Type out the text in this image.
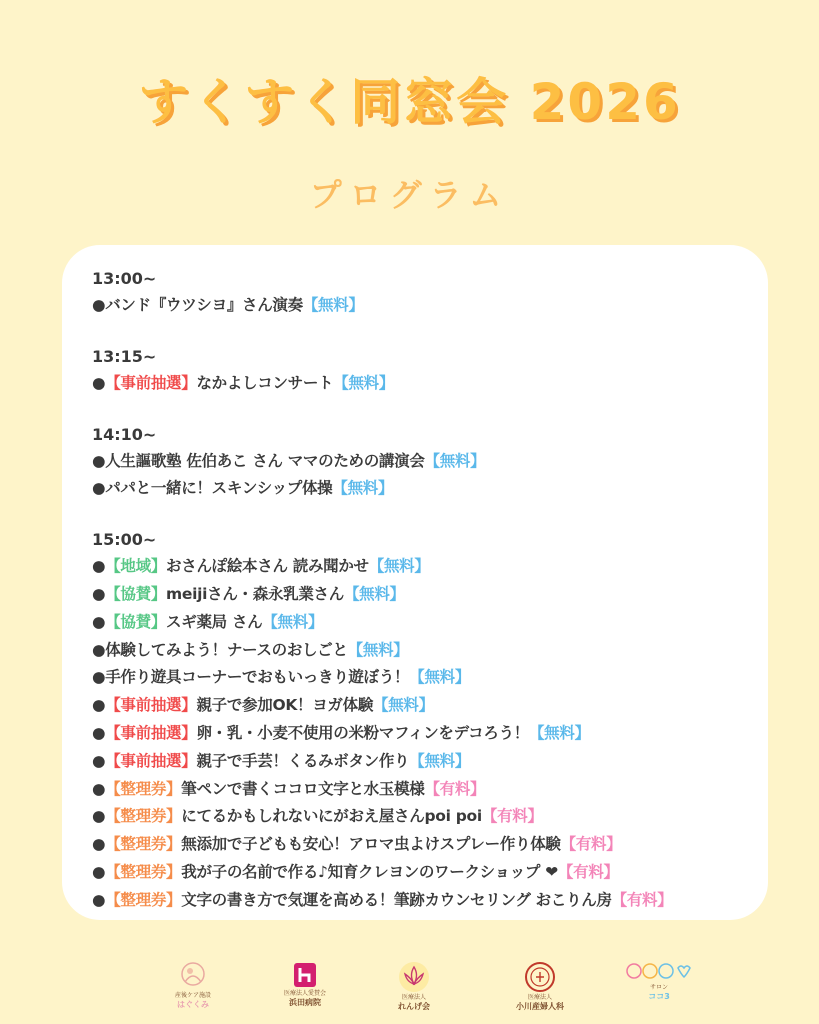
すくすく同窓会 2026
プログラム
13:00~
●バンド『ウツシヨ』さん演奏【無料】
13:15~
●【事前抽選】なかよしコンサート【無料】
14:10~
●人生謳歌塾 佐伯あこ さん ママのための講演会【無料】
●パパと一緒に！スキンシップ体操【無料】
15:00~
●【地域】おさんぽ絵本さん 読み聞かせ【無料】
●【協賛】meijiさん・森永乳業さん【無料】
●【協賛】スギ薬局 さん【無料】
●体験してみよう！ナースのおしごと【無料】
●手作り遊具コーナーでおもいっきり遊ぼう！【無料】
●【事前抽選】親子で参加OK！ヨガ体験【無料】
●【事前抽選】卵・乳・小麦不使用の米粉マフィンをデコろう！【無料】
●【事前抽選】親子で手芸！くるみボタン作り【無料】
●【整理券】筆ペンで書くココロ文字と水玉模様【有料】
●【整理券】にてるかもしれないにがおえ屋さんpoi poi【有料】
●【整理券】無添加で子どもも安心！アロマ虫よけスプレー作り体験【有料】
●【整理券】我が子の名前で作る♪知育クレヨンのワークショップ ❤【有料】
●【整理券】文字の書き方で気運を高める！筆跡カウンセリング おこりん房【有料】
産後ケア施設
はぐくみ
医療法人愛賛会
浜田病院
医療法人
れんげ会
医療法人
小川産婦人科
サロン
ココ3
